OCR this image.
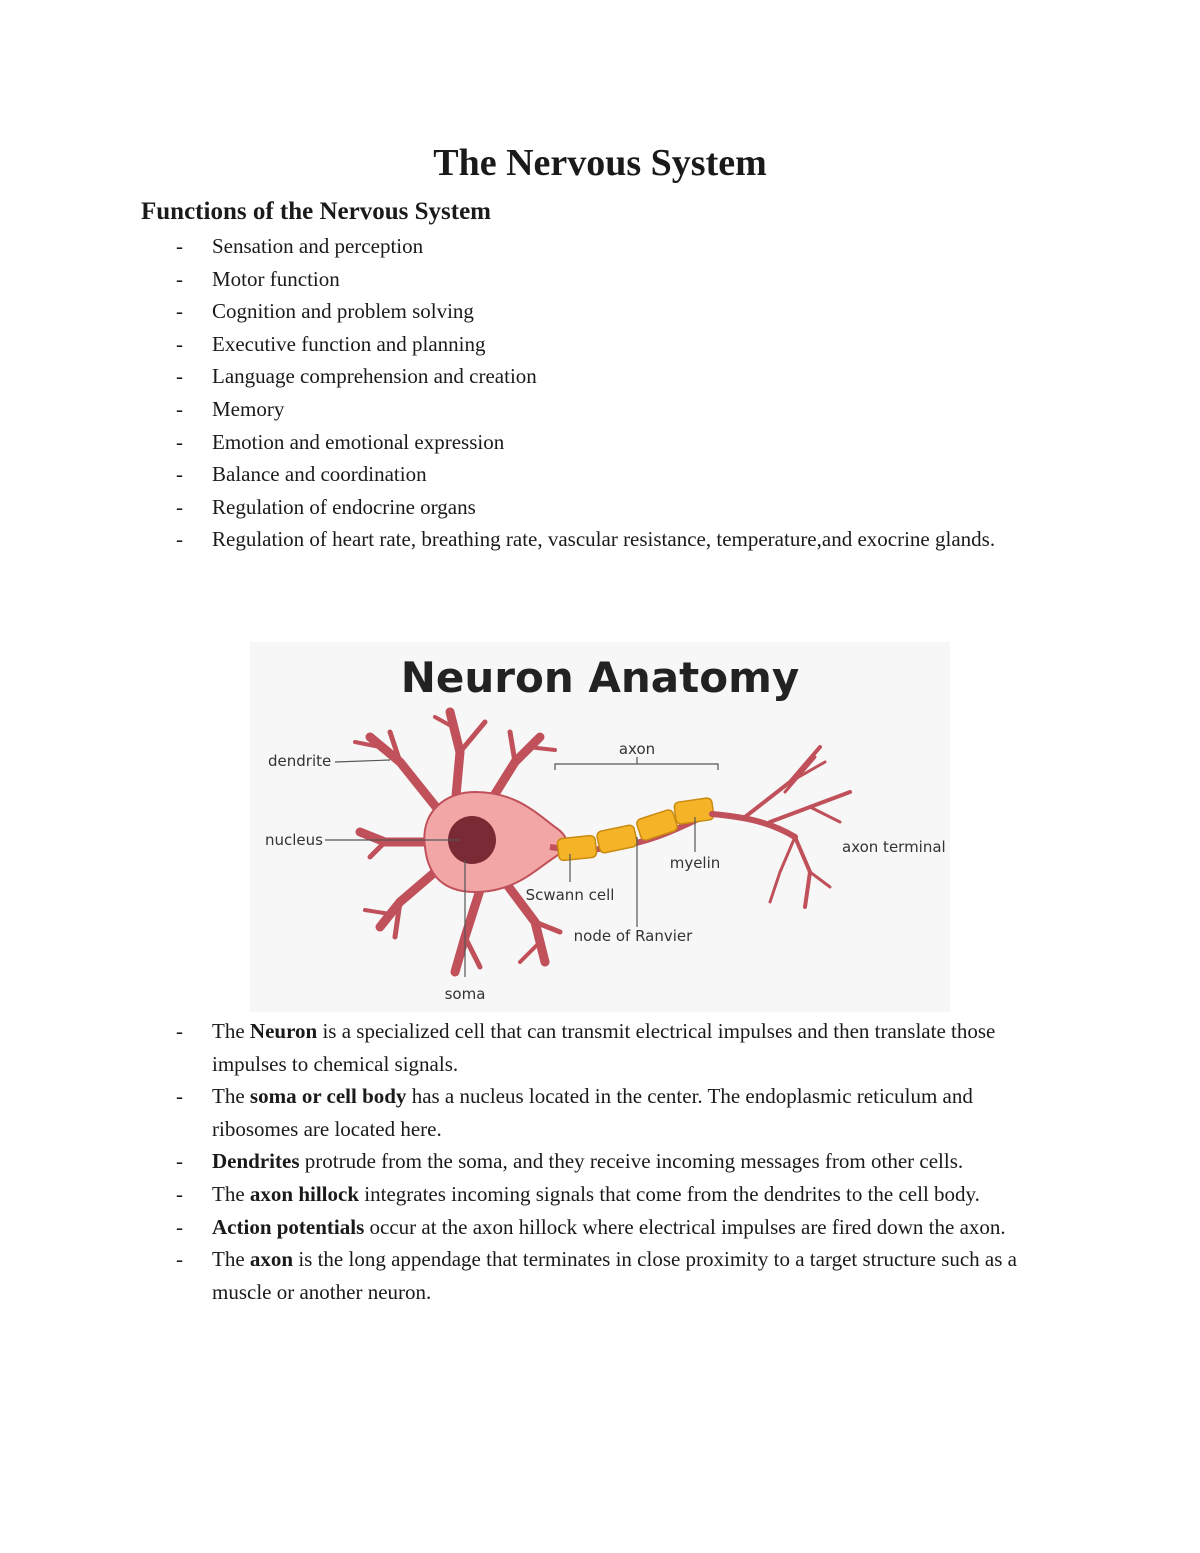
The Nervous System
Functions of the Nervous System
- Sensation and perception
- Motor function
- Cognition and problem solving
- Executive function and planning
- Language comprehension and creation
- Memory
- Emotion and emotional expression
- Balance and coordination
- Regulation of endocrine organs
- Regulation of heart rate, breathing rate, vascular resistance, temperature,and exocrine glands.
Neuron Anatomy
dendrite
axon
nucleus
myelin
axon terminal
Scwann cell
node of Ranvier
soma
- The Neuron is a specialized cell that can transmit electrical impulses and then translate those impulses to chemical signals.
- The soma or cell body has a nucleus located in the center. The endoplasmic reticulum and ribosomes are located here.
- Dendrites protrude from the soma, and they receive incoming messages from other cells.
- The axon hillock integrates incoming signals that come from the dendrites to the cell body.
- Action potentials occur at the axon hillock where electrical impulses are fired down the axon.
- The axon is the long appendage that terminates in close proximity to a target structure such as a muscle or another neuron.
